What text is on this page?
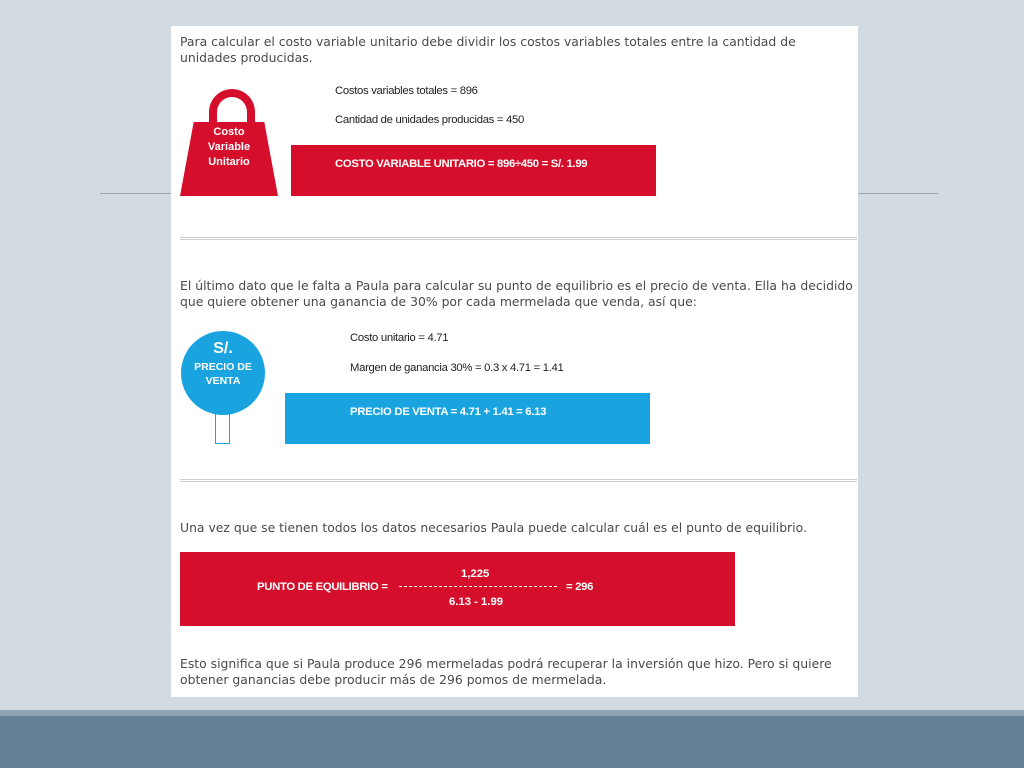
Para calcular el costo variable unitario debe dividir los costos variables totales entre la cantidad de unidades producidas.

Costo
Variable
Unitario
Costos variables totales = 896
Cantidad de unidades producidas = 450
COSTO VARIABLE UNITARIO = 896÷450 = S/. 1.99

El último dato que le falta a Paula para calcular su punto de equilibrio es el precio de venta. Ella ha decidido que quiere obtener una ganancia de 30% por cada mermelada que venda, así que:

S/.
PRECIO DE
VENTA
Costo unitario = 4.71
Margen de ganancia 30% = 0.3 x 4.71 = 1.41
PRECIO DE VENTA = 4.71 + 1.41 = 6.13

Una vez que se tienen todos los datos necesarios Paula puede calcular cuál es el punto de equilibrio.

PUNTO DE EQUILIBRIO =
1,225
6.13 - 1.99
= 296

Esto significa que si Paula produce 296 mermeladas podrá recuperar la inversión que hizo. Pero si quiere obtener ganancias debe producir más de 296 pomos de mermelada.
